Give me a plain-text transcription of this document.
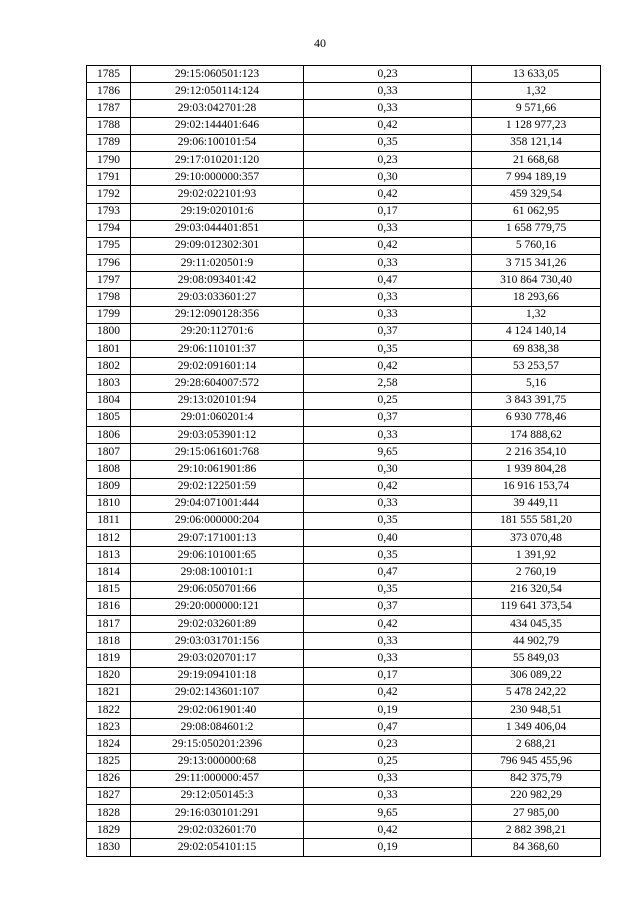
40
1785	29:15:060501:123	0,23	13 633,05
1786	29:12:050114:124	0,33	1,32
1787	29:03:042701:28	0,33	9 571,66
1788	29:02:144401:646	0,42	1 128 977,23
1789	29:06:100101:54	0,35	358 121,14
1790	29:17:010201:120	0,23	21 668,68
1791	29:10:000000:357	0,30	7 994 189,19
1792	29:02:022101:93	0,42	459 329,54
1793	29:19:020101:6	0,17	61 062,95
1794	29:03:044401:851	0,33	1 658 779,75
1795	29:09:012302:301	0,42	5 760,16
1796	29:11:020501:9	0,33	3 715 341,26
1797	29:08:093401:42	0,47	310 864 730,40
1798	29:03:033601:27	0,33	18 293,66
1799	29:12:090128:356	0,33	1,32
1800	29:20:112701:6	0,37	4 124 140,14
1801	29:06:110101:37	0,35	69 838,38
1802	29:02:091601:14	0,42	53 253,57
1803	29:28:604007:572	2,58	5,16
1804	29:13:020101:94	0,25	3 843 391,75
1805	29:01:060201:4	0,37	6 930 778,46
1806	29:03:053901:12	0,33	174 888,62
1807	29:15:061601:768	9,65	2 216 354,10
1808	29:10:061901:86	0,30	1 939 804,28
1809	29:02:122501:59	0,42	16 916 153,74
1810	29:04:071001:444	0,33	39 449,11
1811	29:06:000000:204	0,35	181 555 581,20
1812	29:07:171001:13	0,40	373 070,48
1813	29:06:101001:65	0,35	1 391,92
1814	29:08:100101:1	0,47	2 760,19
1815	29:06:050701:66	0,35	216 320,54
1816	29:20:000000:121	0,37	119 641 373,54
1817	29:02:032601:89	0,42	434 045,35
1818	29:03:031701:156	0,33	44 902,79
1819	29:03:020701:17	0,33	55 849,03
1820	29:19:094101:18	0,17	306 089,22
1821	29:02:143601:107	0,42	5 478 242,22
1822	29:02:061901:40	0,19	230 948,51
1823	29:08:084601:2	0,47	1 349 406,04
1824	29:15:050201:2396	0,23	2 688,21
1825	29:13:000000:68	0,25	796 945 455,96
1826	29:11:000000:457	0,33	842 375,79
1827	29:12:050145:3	0,33	220 982,29
1828	29:16:030101:291	9,65	27 985,00
1829	29:02:032601:70	0,42	2 882 398,21
1830	29:02:054101:15	0,19	84 368,60
